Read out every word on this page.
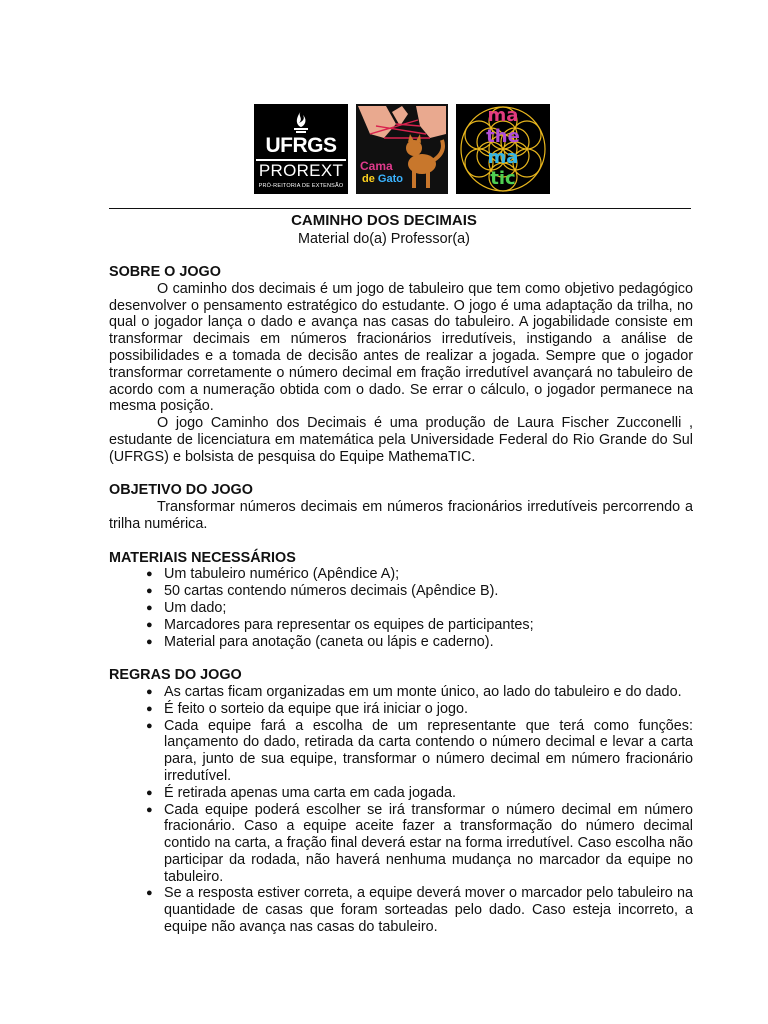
UFRGS
PROREXT
PRÓ-REITORIA DE EXTENSÃO
Cama
de Gato
ma
the
ma
tic
CAMINHO DOS DECIMAIS
Material do(a) Professor(a)
SOBRE O JOGO

O caminho dos decimais é um jogo de tabuleiro que tem como objetivo pedagógico desenvolver o pensamento estratégico do estudante. O jogo é uma adaptação da trilha, no qual o jogador lança o dado e avança nas casas do tabuleiro. A jogabilidade consiste em transformar decimais em números fracionários irredutíveis, instigando a análise de possibilidades e a tomada de decisão antes de realizar a jogada. Sempre que o jogador transformar corretamente o número decimal em fração irredutível avançará no tabuleiro de acordo com a numeração obtida com o dado. Se errar o cálculo, o jogador permanece na mesma posição.

O jogo Caminho dos Decimais é uma produção de Laura Fischer Zucconelli , estudante de licenciatura em matemática pela Universidade Federal do Rio Grande do Sul (UFRGS) e bolsista de pesquisa do Equipe MathemaTIC.

OBJETIVO DO JOGO

Transformar números decimais em números fracionários irredutíveis percorrendo a trilha numérica.

MATERIAIS NECESSÁRIOS
● Um tabuleiro numérico (Apêndice A);
● 50 cartas contendo números decimais (Apêndice B).
● Um dado;
● Marcadores para representar os equipes de participantes;
● Material para anotação (caneta ou lápis e caderno).
REGRAS DO JOGO
● As cartas ficam organizadas em um monte único, ao lado do tabuleiro e do dado.
● É feito o sorteio da equipe que irá iniciar o jogo.
● Cada equipe fará a escolha de um representante que terá como funções: lançamento do dado, retirada da carta contendo o número decimal e levar a carta para, junto de sua equipe, transformar o número decimal em número fracionário irredutível.
● É retirada apenas uma carta em cada jogada.
● Cada equipe poderá escolher se irá transformar o número decimal em número fracionário. Caso a equipe aceite fazer a transformação do número decimal contido na carta, a fração final deverá estar na forma irredutível. Caso escolha não participar da rodada, não haverá nenhuma mudança no marcador da equipe no tabuleiro.
● Se a resposta estiver correta, a equipe deverá mover o marcador pelo tabuleiro na quantidade de casas que foram sorteadas pelo dado. Caso esteja incorreto, a equipe não avança nas casas do tabuleiro.
